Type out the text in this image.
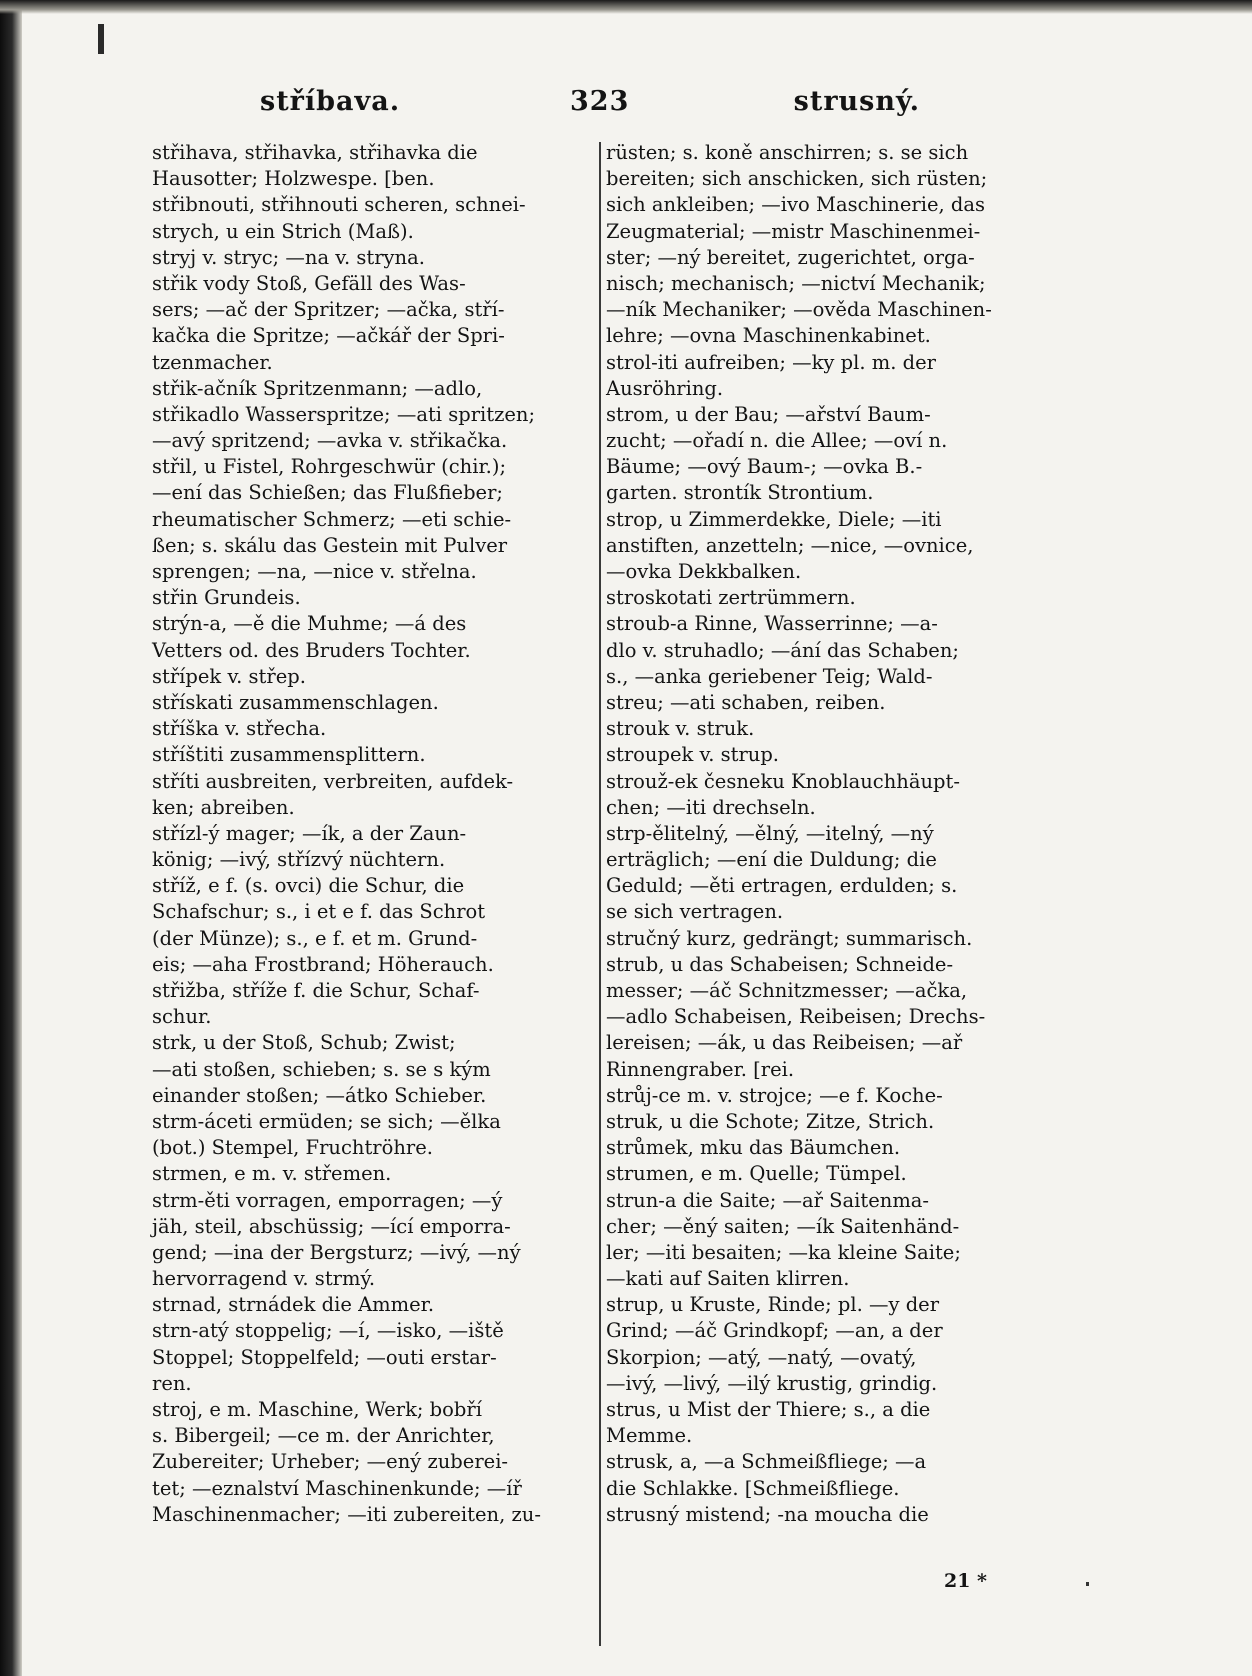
stříbava.	323	strusný.
střihava, střihavka, střihavka die
Hausotter; Holzwespe. [ben.
střibnouti, střihnouti scheren, schnei-
strych, u ein Strich (Maß).
stryj v. stryc; —na v. stryna.
střik vody Stoß, Gefäll des Was-
sers; —ač der Spritzer; —ačka, stří-
kačka die Spritze; —ačkář der Spri-
tzenmacher.
střik-ačník Spritzenmann; —adlo,
střikadlo Wasserspritze; —ati spritzen;
—avý spritzend; —avka v. střikačka.
střil, u Fistel, Rohrgeschwür (chir.);
—ení das Schießen; das Flußfieber;
rheumatischer Schmerz; —eti schie-
ßen; s. skálu das Gestein mit Pulver
sprengen; —na, —nice v. střelna.
střin Grundeis.
strýn-a, —ě die Muhme; —á des
Vetters od. des Bruders Tochter.
střípek v. střep.
střískati zusammenschlagen.
stříška v. střecha.
stříštiti zusammensplittern.
stříti ausbreiten, verbreiten, aufdek-
ken; abreiben.
střízl-ý mager; —ík, a der Zaun-
könig; —ivý, střízvý nüchtern.
stříž, e f. (s. ovci) die Schur, die
Schafschur; s., i et e f. das Schrot
(der Münze); s., e f. et m. Grund-
eis; —aha Frostbrand; Höherauch.
střižba, stříže f. die Schur, Schaf-
schur.
strk, u der Stoß, Schub; Zwist;
—ati stoßen, schieben; s. se s kým
einander stoßen; —átko Schieber.
strm-áceti ermüden; se sich; —ělka
(bot.) Stempel, Fruchtröhre.
strmen, e m. v. střemen.
strm-ěti vorragen, emporragen; —ý
jäh, steil, abschüssig; —ící emporra-
gend; —ina der Bergsturz; —ivý, —ný
hervorragend v. strmý.
strnad, strnádek die Ammer.
strn-atý stoppelig; —í, —isko, —iště
Stoppel; Stoppelfeld; —outi erstar-
ren.
stroj, e m. Maschine, Werk; bobří
s. Bibergeil; —ce m. der Anrichter,
Zubereiter; Urheber; —ený zuberei-
tet; —eznalství Maschinenkunde; —íř
Maschinenmacher; —iti zubereiten, zu-
rüsten; s. koně anschirren; s. se sich
bereiten; sich anschicken, sich rüsten;
sich ankleiben; —ivo Maschinerie, das
Zeugmaterial; —mistr Maschinenmei-
ster; —ný bereitet, zugerichtet, orga-
nisch; mechanisch; —nictví Mechanik;
—ník Mechaniker; —ověda Maschinen-
lehre; —ovna Maschinenkabinet.
strol-iti aufreiben; —ky pl. m. der
Ausröhring.
strom, u der Bau; —ařství Baum-
zucht; —ořadí n. die Allee; —oví n.
Bäume; —ový Baum-; —ovka B.-
garten. strontík Strontium.
strop, u Zimmerdekke, Diele; —iti
anstiften, anzetteln; —nice, —ovnice,
—ovka Dekkbalken.
stroskotati zertrümmern.
stroub-a Rinne, Wasserrinne; —a-
dlo v. struhadlo; —ání das Schaben;
s., —anka geriebener Teig; Wald-
streu; —ati schaben, reiben.
strouk v. struk.
stroupek v. strup.
strouž-ek česneku Knoblauchhäupt-
chen; —iti drechseln.
strp-ělitelný, —ělný, —itelný, —ný
erträglich; —ení die Duldung; die
Geduld; —ěti ertragen, erdulden; s.
se sich vertragen.
stručný kurz, gedrängt; summarisch.
strub, u das Schabeisen; Schneide-
messer; —áč Schnitzmesser; —ačka,
—adlo Schabeisen, Reibeisen; Drechs-
lereisen; —ák, u das Reibeisen; —ař
Rinnengraber. [rei.
strůj-ce m. v. strojce; —e f. Koche-
struk, u die Schote; Zitze, Strich.
strůmek, mku das Bäumchen.
strumen, e m. Quelle; Tümpel.
strun-a die Saite; —ař Saitenma-
cher; —ěný saiten; —ík Saitenhänd-
ler; —iti besaiten; —ka kleine Saite;
—kati auf Saiten klirren.
strup, u Kruste, Rinde; pl. —y der
Grind; —áč Grindkopf; —an, a der
Skorpion; —atý, —natý, —ovatý,
—ivý, —livý, —ilý krustig, grindig.
strus, u Mist der Thiere; s., a die
Memme.
strusk, a, —a Schmeißfliege; —a
die Schlakke. [Schmeißfliege.
strusný mistend; -na moucha die
21 *
